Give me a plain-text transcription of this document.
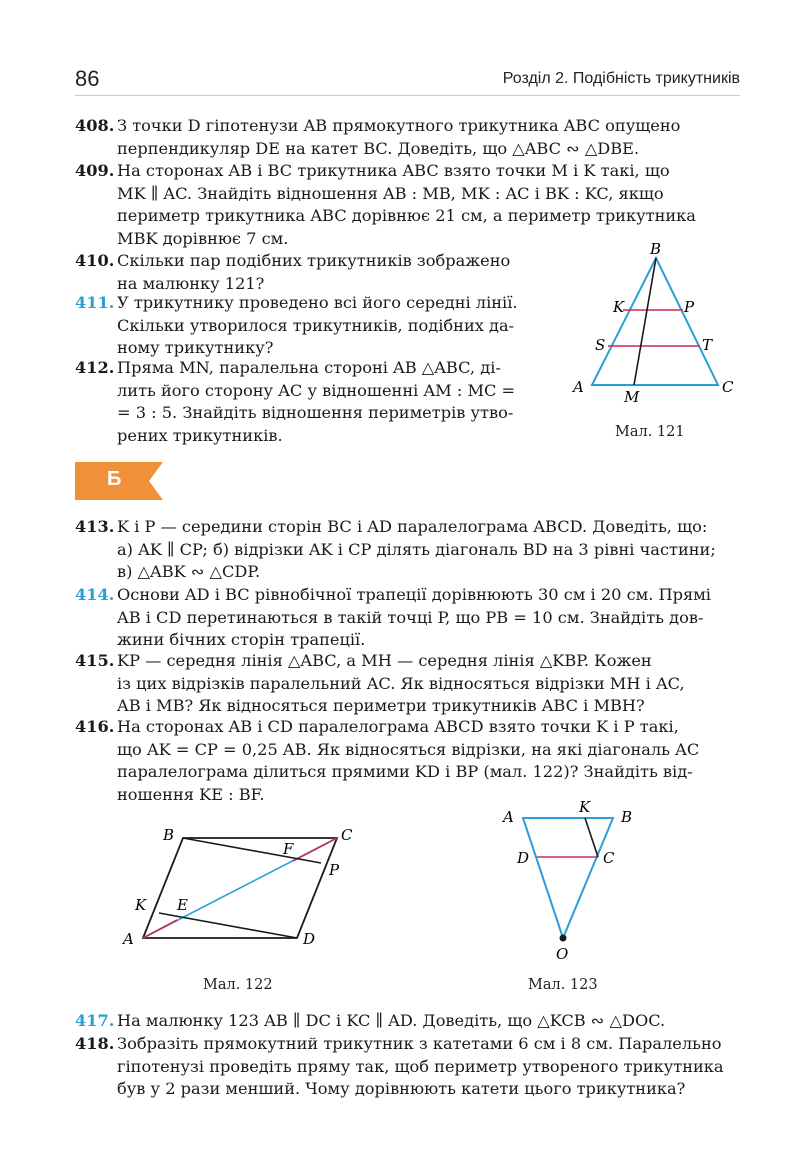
86	Розділ 2. Подібність трикутників
408. З точки D гіпотенузи AB прямокутного трикутника ABC опущено
перпендикуляр DE на катет BC. Доведіть, що △ABC ∾ △DBE.
409. На сторонах AB і BC трикутника ABC взято точки M і K такі, що
MK ∥ AC. Знайдіть відношення AB : MB, MK : AC і BK : KC, якщо
периметр трикутника ABC дорівнює 21 см, а периметр трикутника
MBK дорівнює 7 см.
410. Скільки пар подібних трикутників зображено
на малюнку 121?
411. У трикутнику проведено всі його середні лінії.
Скільки утворилося трикутників, подібних да-
ному трикутнику?
412. Пряма MN, паралельна стороні AB △ABC, ді-
лить його сторону AC у відношенні AM : MC =
= 3 : 5. Знайдіть відношення периметрів утво-
рених трикутників.
B
K	P
S	T
A
M
C
Мал. 121
Б
413. K і P — середини сторін BC і AD паралелограма ABCD. Доведіть, що:
а) AK ∥ CP; б) відрізки AK і CP ділять діагональ BD на 3 рівні частини;
в) △ABK ∾ △CDP.
414. Основи AD і BC рівнобічної трапеції дорівнюють 30 см і 20 см. Прямі
AB і CD перетинаються в такій точці P, що PB = 10 см. Знайдіть дов-
жини бічних сторін трапеції.
415. KP — середня лінія △ABC, а MH — середня лінія △KBP. Кожен
із цих відрізків паралельний AC. Як відносяться відрізки MH і AC,
AB і MB? Як відносяться периметри трикутників ABC і MBH?
416. На сторонах AB і CD паралелограма ABCD взято точки K і P такі,
що AK = CP = 0,25 AB. Як відносяться відрізки, на які діагональ AC
паралелограма ділиться прямими KD і BP (мал. 122)? Знайдіть від-
ношення KE : BF.
B	C
F
P
K E
A	D
Мал. 122
A
K
B
D	C
O
Мал. 123
417. На малюнку 123 AB ∥ DC і KC ∥ AD. Доведіть, що △KCB ∾ △DOC.
418. Зобразіть прямокутний трикутник з катетами 6 см і 8 см. Паралельно
гіпотенузі проведіть пряму так, щоб периметр утвореного трикутника
був у 2 рази менший. Чому дорівнюють катети цього трикутника?
